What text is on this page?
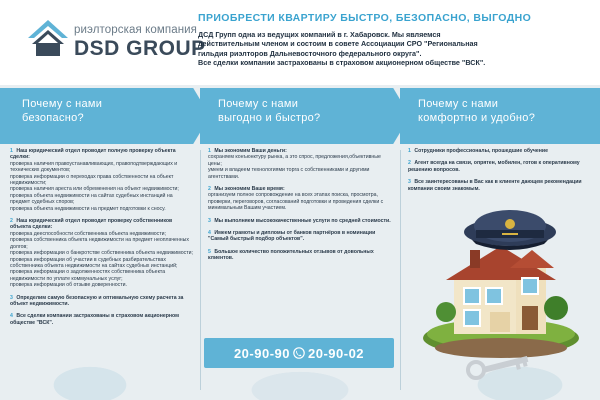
риэлторская компания
DSD GROUP
ПРИОБРЕСТИ КВАРТИРУ БЫСТРО, БЕЗОПАСНО, ВЫГОДНО

ДСД Групп одна из ведущих компаний в г. Хабаровск. Мы являемся

действительным членом и состоим в совете Ассоциации СРО "Региональная

гильдия риэлторов Дальневосточного федерального округа".

Все сделки компании застрахованы в страховом акционерном обществе "ВСК".

Почему с нами
безопасно?
Почему с нами
выгодно и быстро?
Почему с нами
комфортно и удобно?
1 Наш юридический отдел проводит полную проверку объекта сделки:
проверка наличия правоустанавливающих, правоподтверждающих и технических документов;
проверка информации о переходах права собственности на объект недвижимости;
проверка наличия ареста или обременения на объект недвижимости;
проверка объекта недвижимости на сайтах судебных инстанций на предмет судебных споров;
проверка объекта недвижимости на предмет подготовки к сносу.
2 Наш юридический отдел проводит проверку собственников объекта сделки:
проверка дееспособности собственника объекта недвижимости;
проверка собственника объекта недвижимости на предмет неоплаченных долгов;
проверка информации о банкротстве собственника объекта недвижимости;
проверка информации об участии в судебных разбирательствах собственника объекта недвижимости на сайтах судебных инстанций;
проверка информации о задолженностях собственника объекта недвижимости по уплате коммунальных услуг;
проверка информации об отзыве доверенности.
3 Определим самую безопасную и оптимальную схему расчета за объект недвижимости.
4 Все сделки компании застрахованы в страховом акционерном обществе "ВСК".
1 Мы экономим Ваши деньги:
сохраняем конъюнктуру рынка, а это спрос, предложения,объективные цены;
умеем и владеем технологиями торга с собственниками и другими агентствами.
2 Мы экономим Ваше время:
организуем полное сопровождение на всех этапах поиска, просмотра, проверки, переговоров, согласований подготовки и проведения сделки с минимальным Вашим участием.
3 Мы выполняем высококачественные услуги по средней стоимости.
4 Имеем грамоты и дипломы от банков партнёров в номинации "Самый быстрый подбор объектов".
5 Большое количество положительных отзывов от довольных клиентов.
1 Сотрудники профессионалы, прошедшие обучение
2 Агент всегда на связи, опрятен, мобилен, готов к оперативному решению вопросов.
3 Все заинтересованы в Вас как в клиенте дающем рекомендации компании своим знакомым.
20-90-90 20-90-02
